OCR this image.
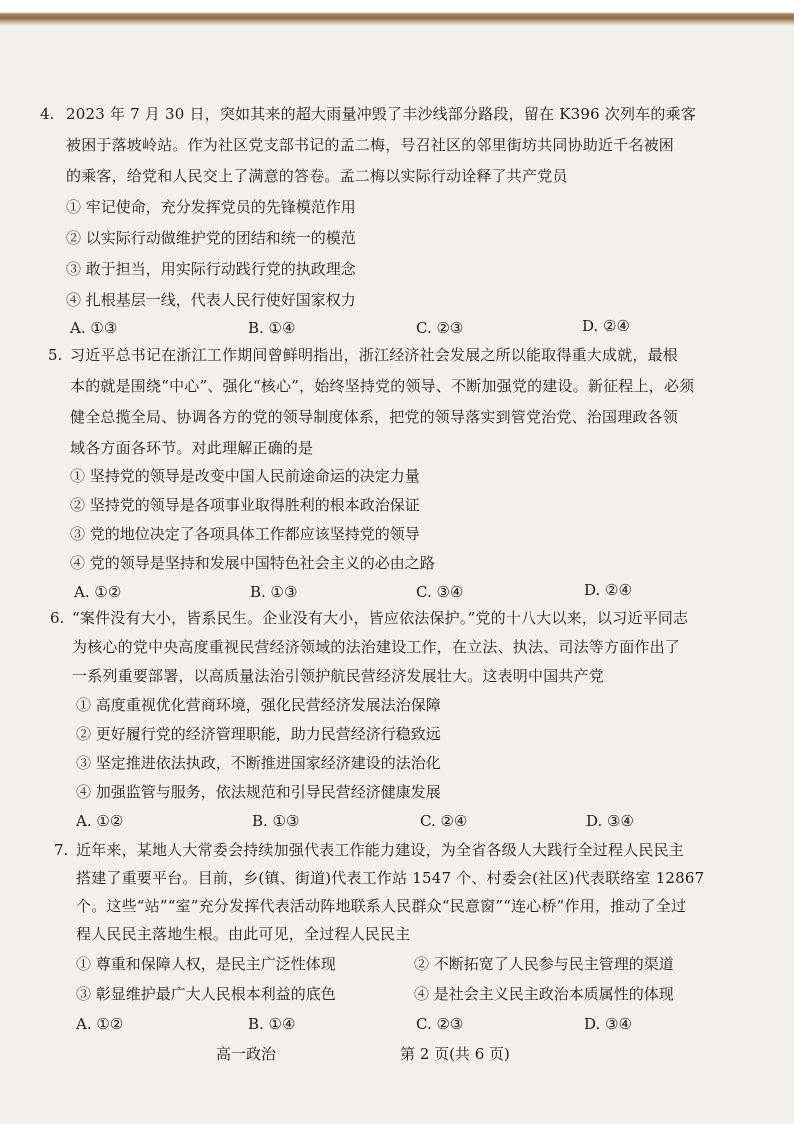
4. 2023 年 7 月 30 日，突如其来的超大雨量冲毁了丰沙线部分路段，留在 K396 次列车的乘客
被困于落坡岭站。作为社区党支部书记的孟二梅，号召社区的邻里街坊共同协助近千名被困
的乘客，给党和人民交上了满意的答卷。孟二梅以实际行动诠释了共产党员
① 牢记使命，充分发挥党员的先锋模范作用
② 以实际行动做维护党的团结和统一的模范
③ 敢于担当，用实际行动践行党的执政理念
④ 扎根基层一线，代表人民行使好国家权力
A. ①③	B. ①④	C. ②③	D. ②④
5. 习近平总书记在浙江工作期间曾鲜明指出，浙江经济社会发展之所以能取得重大成就，最根
本的就是围绕“中心”、强化“核心”，始终坚持党的领导、不断加强党的建设。新征程上，必须
健全总揽全局、协调各方的党的领导制度体系，把党的领导落实到管党治党、治国理政各领
域各方面各环节。对此理解正确的是
① 坚持党的领导是改变中国人民前途命运的决定力量
② 坚持党的领导是各项事业取得胜利的根本政治保证
③ 党的地位决定了各项具体工作都应该坚持党的领导
④ 党的领导是坚持和发展中国特色社会主义的必由之路
A. ①②	B. ①③	C. ③④	D. ②④
6. “案件没有大小，皆系民生。企业没有大小，皆应依法保护。”党的十八大以来，以习近平同志
为核心的党中央高度重视民营经济领域的法治建设工作，在立法、执法、司法等方面作出了
一系列重要部署，以高质量法治引领护航民营经济发展壮大。这表明中国共产党
① 高度重视优化营商环境，强化民营经济发展法治保障
② 更好履行党的经济管理职能，助力民营经济行稳致远
③ 坚定推进依法执政，不断推进国家经济建设的法治化
④ 加强监管与服务，依法规范和引导民营经济健康发展
A. ①②	B. ①③	C. ②④	D. ③④
7. 近年来，某地人大常委会持续加强代表工作能力建设，为全省各级人大践行全过程人民民主
搭建了重要平台。目前，乡(镇、街道)代表工作站 1547 个、村委会(社区)代表联络室 12867
个。这些“站”“室”充分发挥代表活动阵地联系人民群众“民意窗”“连心桥”作用，推动了全过
程人民民主落地生根。由此可见，全过程人民民主
① 尊重和保障人权，是民主广泛性体现	② 不断拓宽了人民参与民主管理的渠道
③ 彰显维护最广大人民根本利益的底色	④ 是社会主义民主政治本质属性的体现
A. ①②	B. ①④	C. ②③	D. ③④
高一政治	第 2 页(共 6 页)
